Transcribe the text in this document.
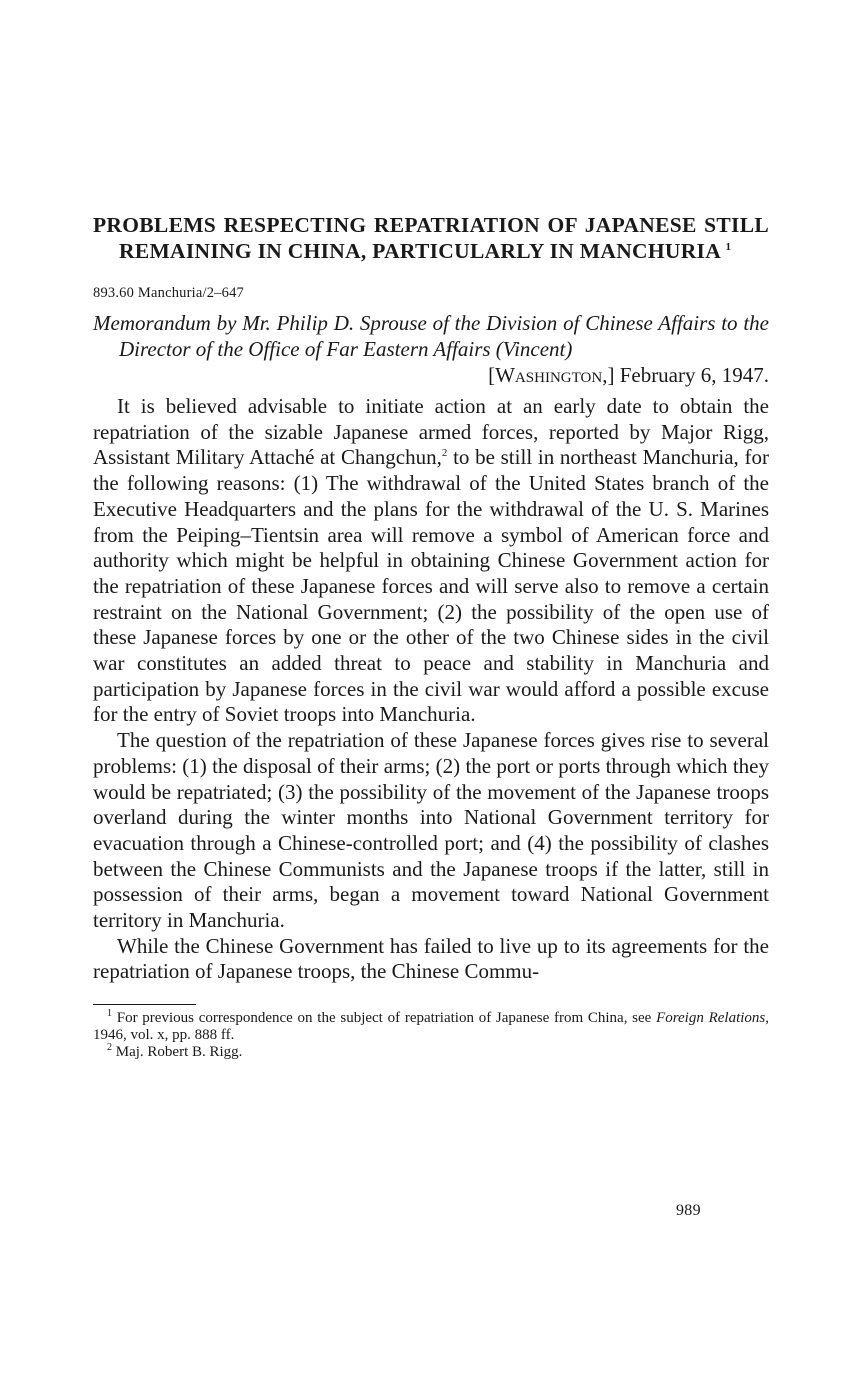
PROBLEMS RESPECTING REPATRIATION OF JAPANESE STILL REMAINING IN CHINA, PARTICULARLY IN MANCHURIA $^1$
893.60 Manchuria/2–647
Memorandum by Mr. Philip D. Sprouse of the Division of Chinese Affairs to the Director of the Office of Far Eastern Affairs (Vincent)
[Washington,] February 6, 1947.

It is believed advisable to initiate action at an early date to obtain the repatriation of the sizable Japanese armed forces, reported by Major Rigg, Assistant Military Attaché at Changchun,$^2$ to be still in northeast Manchuria, for the following reasons: (1) The withdrawal of the United States branch of the Executive Headquarters and the plans for the withdrawal of the U. S. Marines from the Peiping–Tientsin area will remove a symbol of American force and authority which might be helpful in obtaining Chinese Government action for the repatriation of these Japanese forces and will serve also to remove a certain restraint on the National Government; (2) the possibility of the open use of these Japanese forces by one or the other of the two Chinese sides in the civil war constitutes an added threat to peace and stability in Manchuria and participation by Japanese forces in the civil war would afford a possible excuse for the entry of Soviet troops into Manchuria.

The question of the repatriation of these Japanese forces gives rise to several problems: (1) the disposal of their arms; (2) the port or ports through which they would be repatriated; (3) the possibility of the movement of the Japanese troops overland during the winter months into National Government territory for evacuation through a Chinese-controlled port; and (4) the possibility of clashes between the Chinese Communists and the Japanese troops if the latter, still in possession of their arms, began a movement toward National Government territory in Manchuria.

While the Chinese Government has failed to live up to its agreements for the repatriation of Japanese troops, the Chinese Commu-

$^1$ For previous correspondence on the subject of repatriation of Japanese from China, see Foreign Relations, 1946, vol. x, pp. 888 ff.

$^2$ Maj. Robert B. Rigg.

989
